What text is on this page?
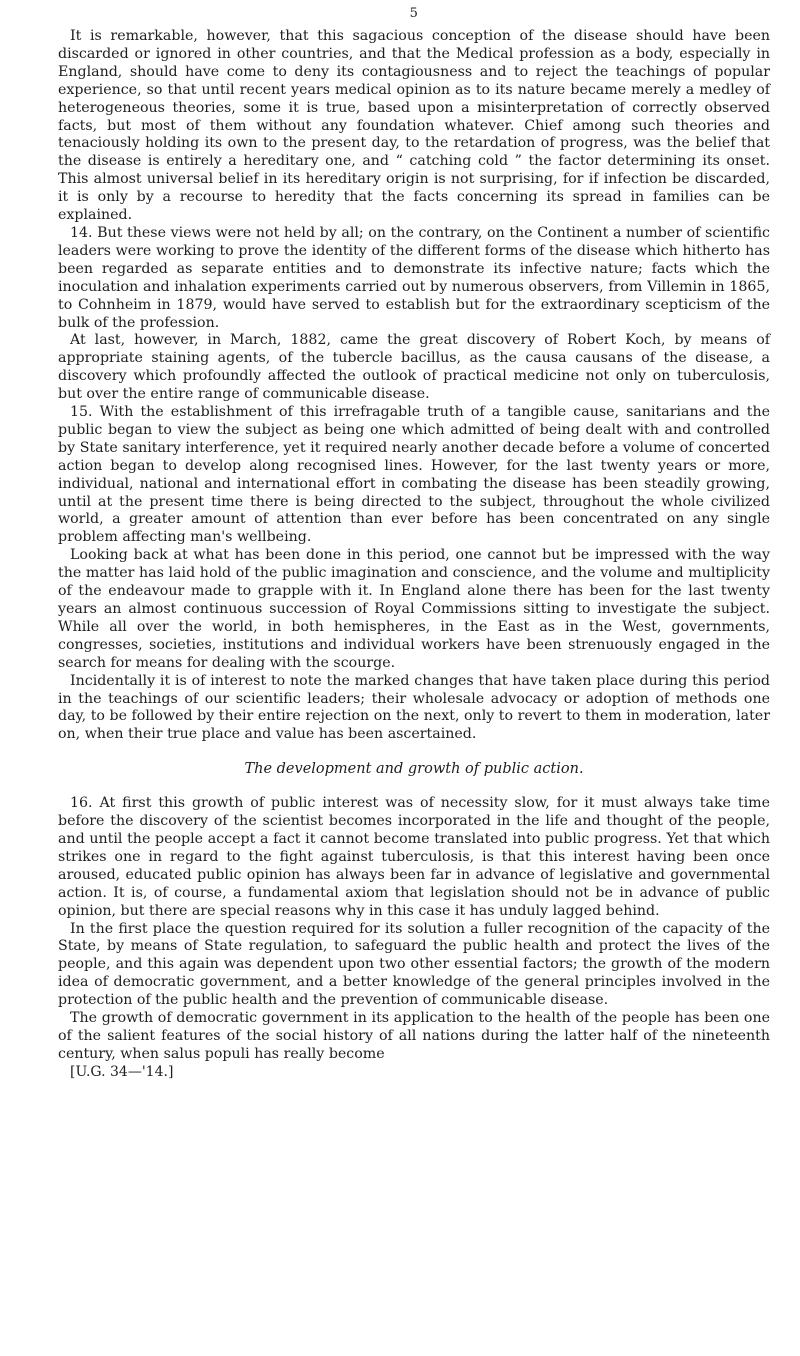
5

It is remarkable, however, that this sagacious conception of the disease should have been discarded or ignored in other countries, and that the Medical profession as a body, especially in England, should have come to deny its contagiousness and to reject the teachings of popular experience, so that until recent years medical opinion as to its nature became merely a medley of heterogeneous theories, some it is true, based upon a misinterpretation of correctly observed facts, but most of them without any foundation whatever. Chief among such theories and tenaciously holding its own to the present day, to the retardation of progress, was the belief that the disease is entirely a hereditary one, and “ catching cold ” the factor determining its onset. This almost universal belief in its hereditary origin is not surprising, for if infection be discarded, it is only by a recourse to heredity that the facts concerning its spread in families can be explained.

14. But these views were not held by all; on the contrary, on the Continent a number of scientific leaders were working to prove the identity of the different forms of the disease which hitherto has been regarded as separate entities and to demonstrate its infective nature; facts which the inoculation and inhalation experiments carried out by numerous observers, from Villemin in 1865, to Cohnheim in 1879, would have served to establish but for the extraordinary scepticism of the bulk of the profession.

At last, however, in March, 1882, came the great discovery of Robert Koch, by means of appropriate staining agents, of the tubercle bacillus, as the causa causans of the disease, a discovery which profoundly affected the outlook of practical medicine not only on tuberculosis, but over the entire range of communicable disease.

15. With the establishment of this irrefragable truth of a tangible cause, sanitarians and the public began to view the subject as being one which admitted of being dealt with and controlled by State sanitary interference, yet it required nearly another decade before a volume of concerted action began to develop along recognised lines. However, for the last twenty years or more, individual, national and international effort in combating the disease has been steadily growing, until at the present time there is being directed to the subject, throughout the whole civilized world, a greater amount of attention than ever before has been concentrated on any single problem affecting man's wellbeing.

Looking back at what has been done in this period, one cannot but be impressed with the way the matter has laid hold of the public imagination and conscience, and the volume and multiplicity of the endeavour made to grapple with it. In England alone there has been for the last twenty years an almost continuous succession of Royal Commissions sitting to investigate the subject. While all over the world, in both hemispheres, in the East as in the West, governments, congresses, societies, institutions and individual workers have been strenuously engaged in the search for means for dealing with the scourge.

Incidentally it is of interest to note the marked changes that have taken place during this period in the teachings of our scientific leaders; their wholesale advocacy or adoption of methods one day, to be followed by their entire rejection on the next, only to revert to them in moderation, later on, when their true place and value has been ascertained.

The development and growth of public action.

16. At first this growth of public interest was of necessity slow, for it must always take time before the discovery of the scientist becomes incorporated in the life and thought of the people, and until the people accept a fact it cannot become translated into public progress. Yet that which strikes one in regard to the fight against tuberculosis, is that this interest having been once aroused, educated public opinion has always been far in advance of legislative and governmental action. It is, of course, a fundamental axiom that legislation should not be in advance of public opinion, but there are special reasons why in this case it has unduly lagged behind.

In the first place the question required for its solution a fuller recognition of the capacity of the State, by means of State regulation, to safeguard the public health and protect the lives of the people, and this again was dependent upon two other essential factors; the growth of the modern idea of democratic government, and a better knowledge of the general principles involved in the protection of the public health and the prevention of communicable disease.

The growth of democratic government in its application to the health of the people has been one of the salient features of the social history of all nations during the latter half of the nineteenth century, when salus populi has really become

[U.G. 34—'14.]
